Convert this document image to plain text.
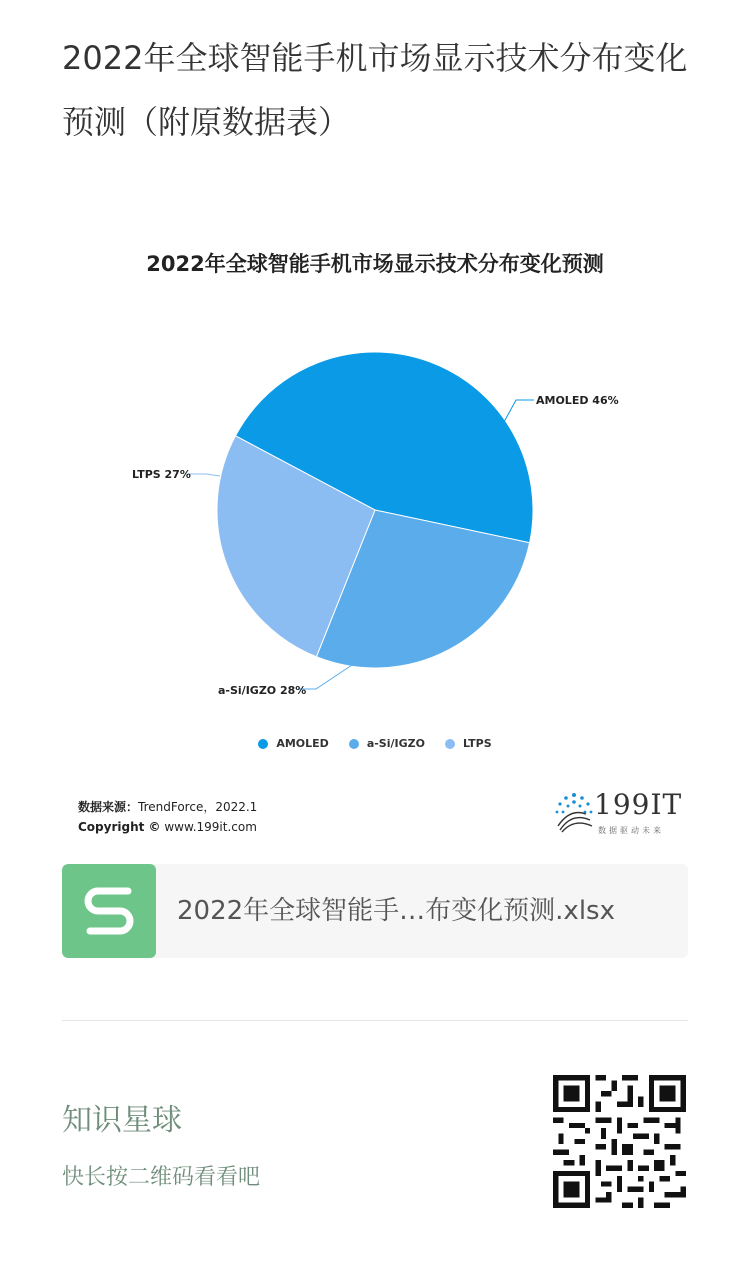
2022年全球智能手机市场显示技术分布变化预测（附原数据表）
2022年全球智能手机市场显示技术分布变化预测
AMOLED 46%
a-Si/IGZO 28%
LTPS 27%
AMOLED	a-Si/IGZO	LTPS
数据来源：TrendForce，2022.1
Copyright © www.199it.com
199IT
数据驱动未来
2022年全球智能手…布变化预测.xlsx
知识星球
快长按二维码看看吧
